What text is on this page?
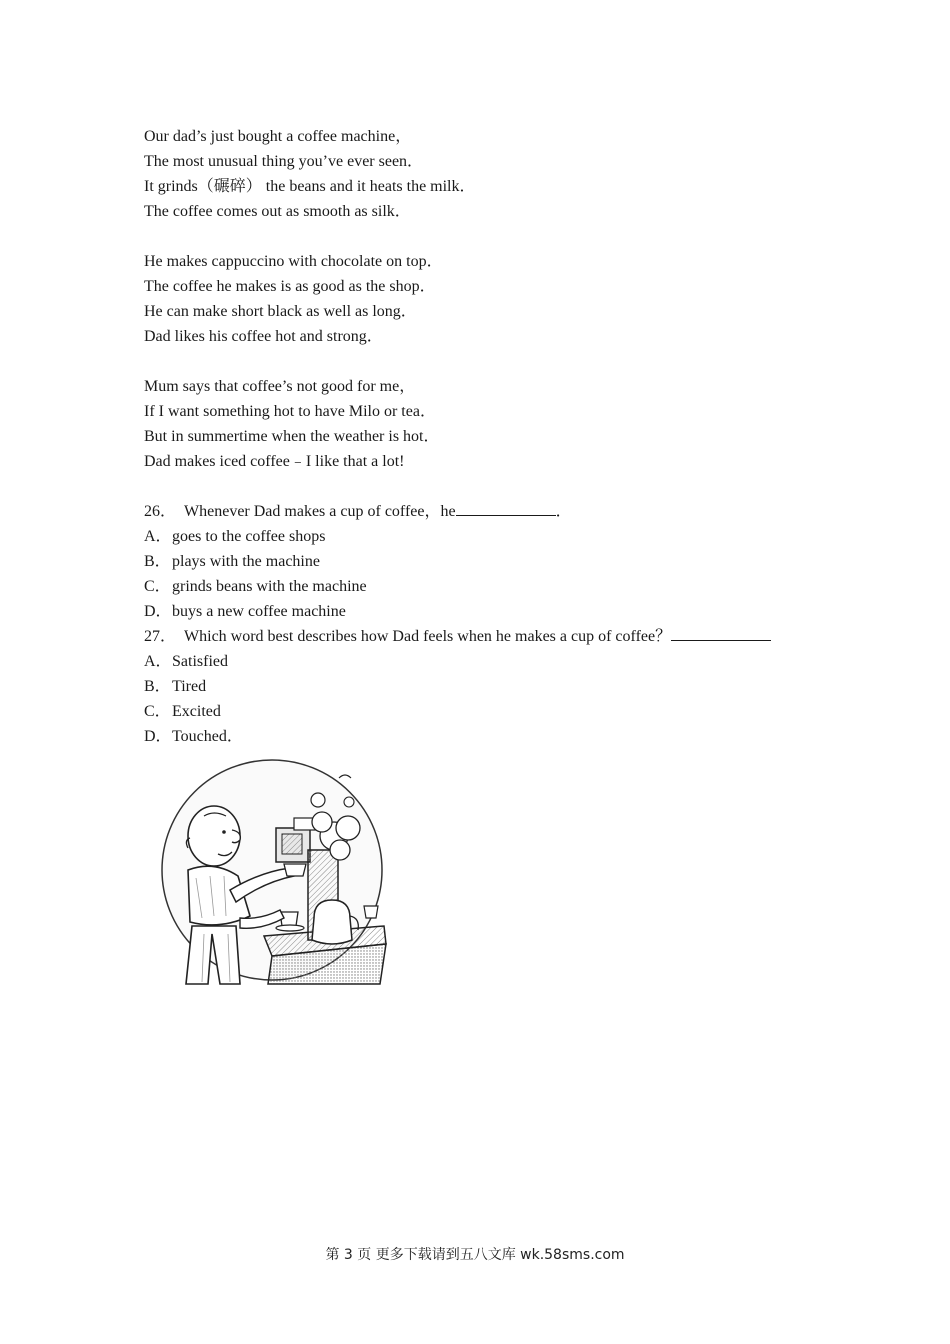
Our dad’s just bought a coffee machine，
The most unusual thing you’ve ever seen．
It grinds（碾碎） the beans and it heats the milk．
The coffee comes out as smooth as silk．
He makes cappuccino with chocolate on top．
The coffee he makes is as good as the shop．
He can make short black as well as long．
Dad likes his coffee hot and strong．
Mum says that coffee’s not good for me，
If I want something hot to have Milo or tea．
But in summertime when the weather is hot．
Dad makes iced coffee﹣I like that a lot!
26． Whenever Dad makes a cup of coffee，he	．
A．goes to the coffee shops
B．plays with the machine
C．grinds beans with the machine
D．buys a new coffee machine
27． Which word best describes how Dad feels when he makes a cup of coffee？
A．Satisfied
B．Tired
C．Excited
D．Touched．
第 3 页 更多下载请到五八文库 wk.58sms.com
